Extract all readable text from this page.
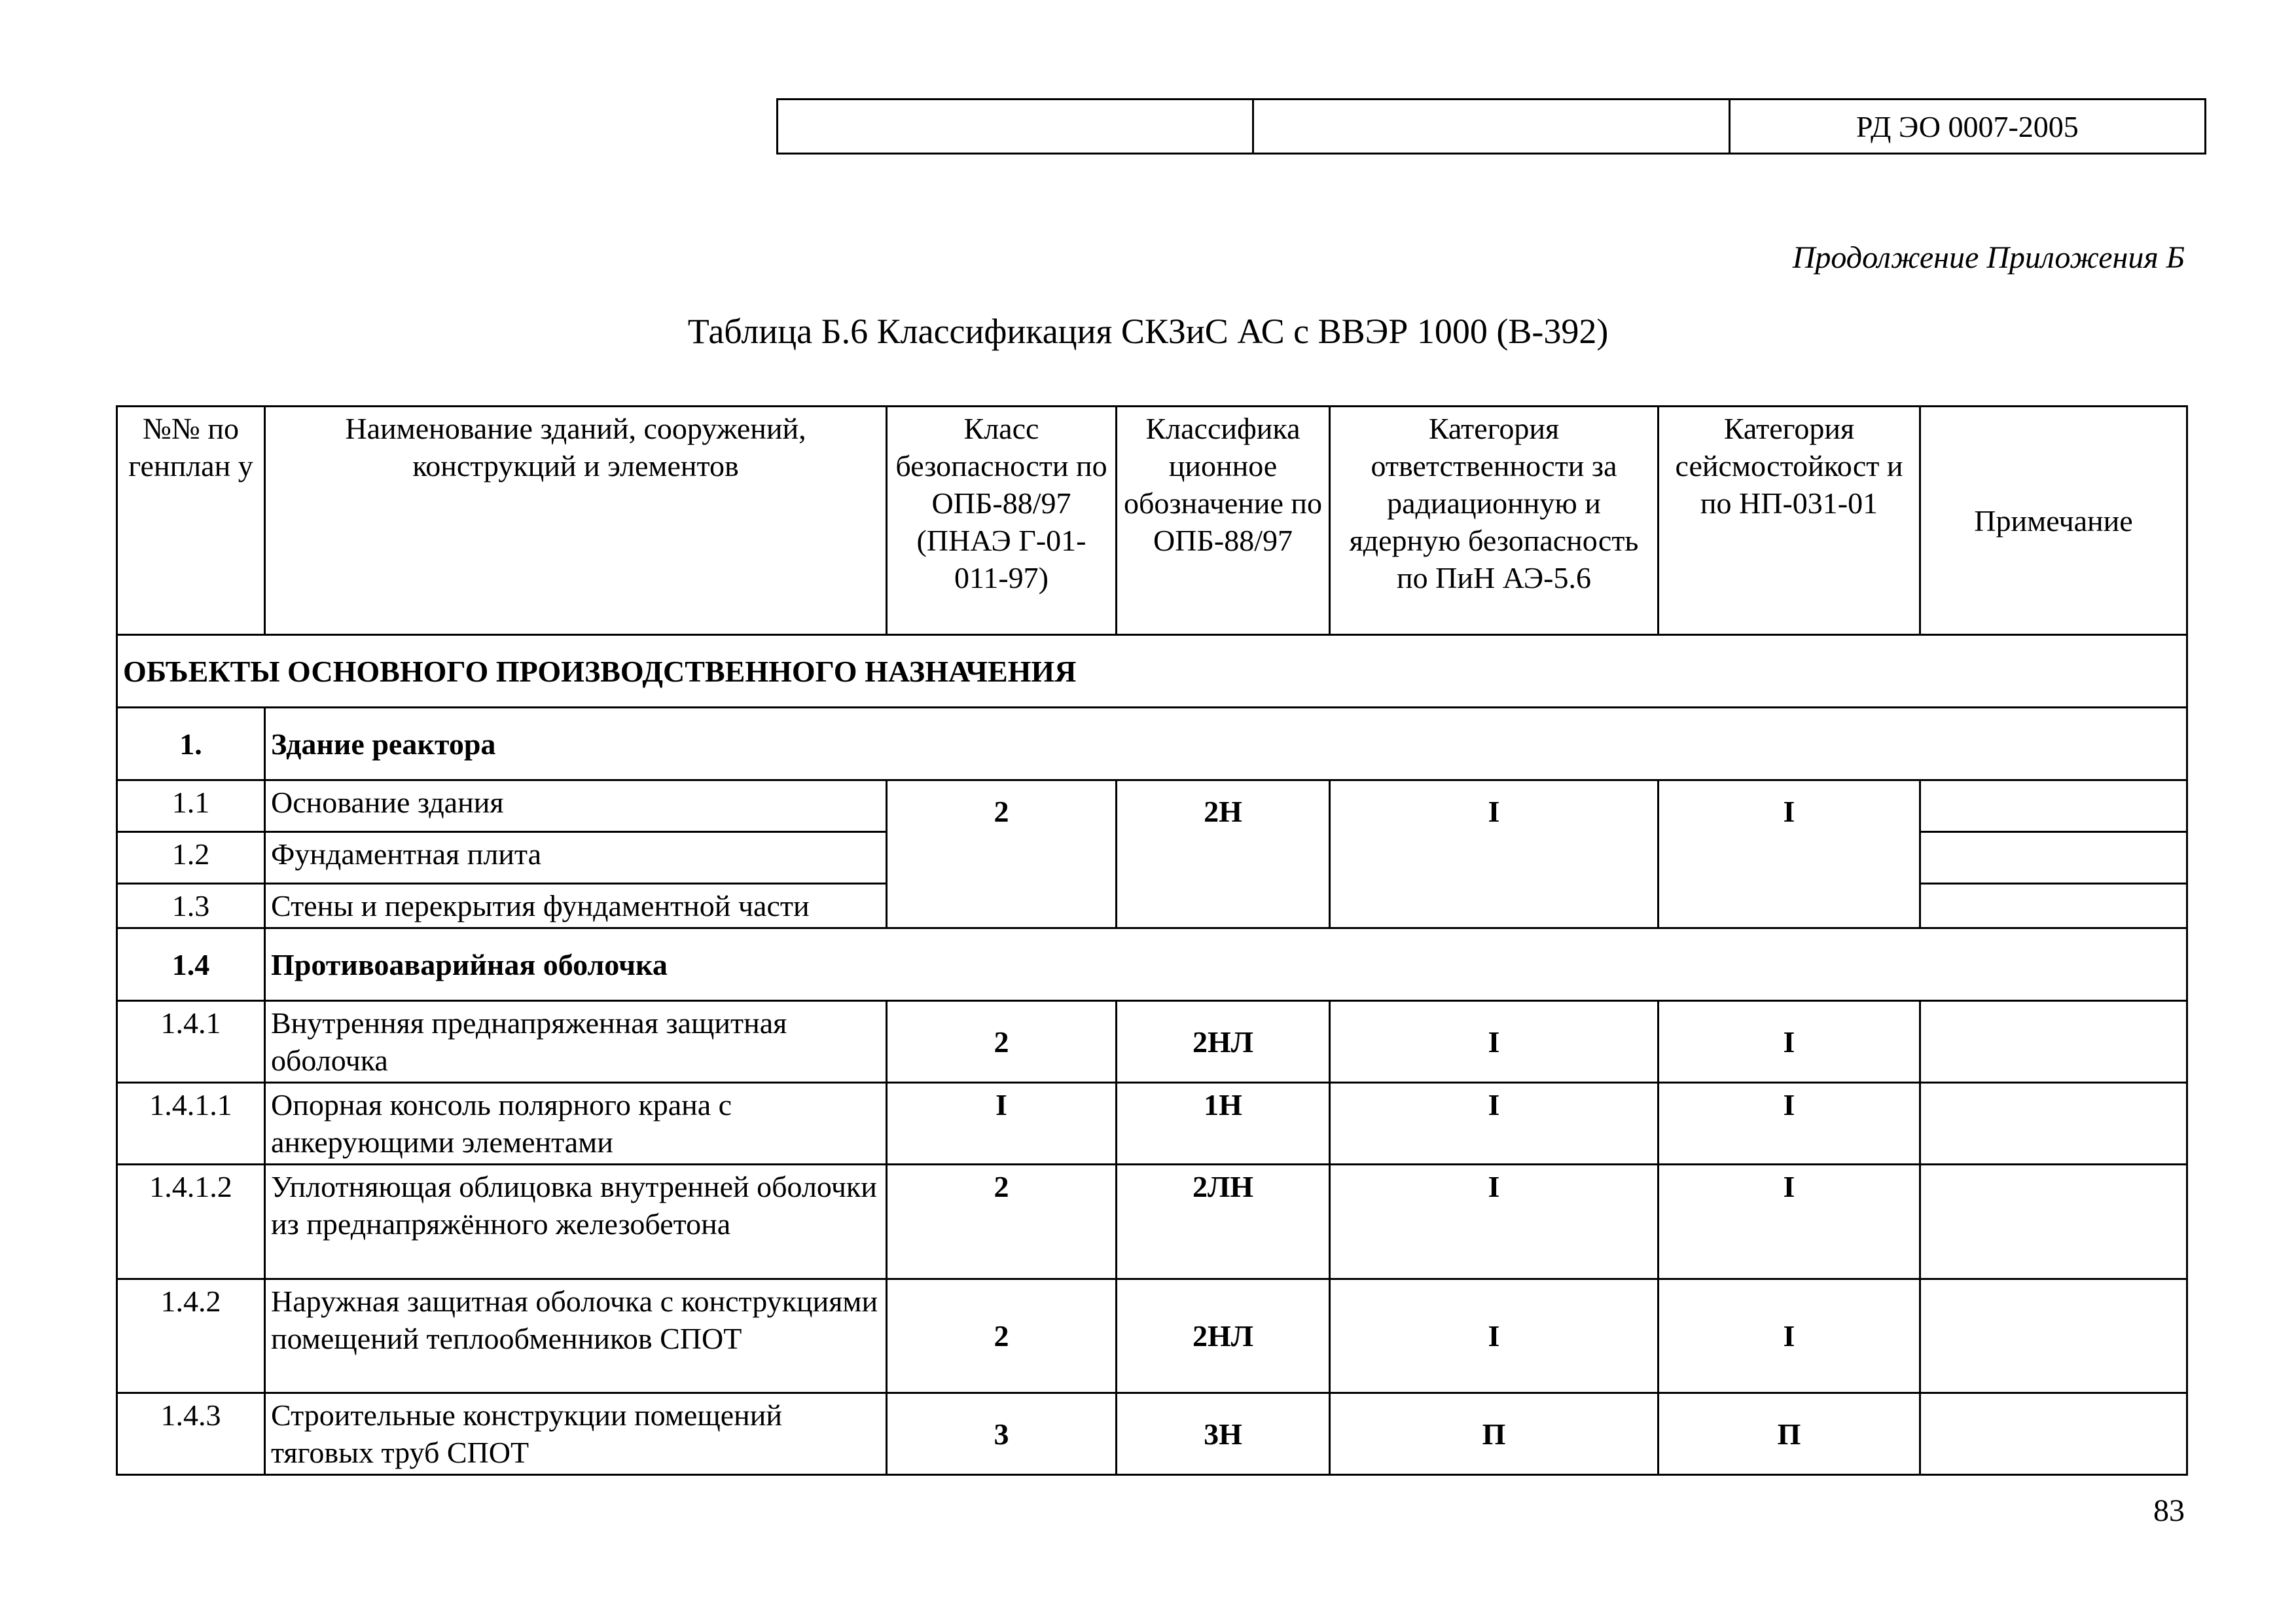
РД ЭО 0007-2005
Продолжение Приложения Б
Таблица Б.6 Классификация СКЗиС АС с ВВЭР 1000 (В-392)
№№ по генплан у	Наименование зданий, сооружений, конструкций и элементов	Класс безопасности по ОПБ-88/97 (ПНАЭ Г-01-011-97)	Классифика ционное обозначение по ОПБ-88/97	Категория ответственности за радиационную и ядерную безопасность по ПиН АЭ-5.6	Категория сейсмостойкост и по НП-031-01	Примечание
ОБЪЕКТЫ ОСНОВНОГО ПРОИЗВОДСТВЕННОГО НАЗНАЧЕНИЯ						
1.	Здание реактора					
1.1	Основание здания	2	2Н	I	I	
1.2	Фундаментная плита					
1.3	Стены и перекрытия фундаментной части					
1.4	Противоаварийная оболочка					
1.4.1	Внутренняя преднапряженная защитная оболочка	2	2НЛ	I	I	
1.4.1.1	Опорная консоль полярного крана с анкерующими элементами	I	1Н	I	I	
1.4.1.2	Уплотняющая облицовка внутренней оболочки из преднапряжённого железобетона	2	2ЛН	I	I	
1.4.2	Наружная защитная оболочка с конструкциями помещений теплообменников СПОТ	2	2НЛ	I	I	
1.4.3	Строительные конструкции помещений тяговых труб СПОТ	3	3Н	П	П	
83
